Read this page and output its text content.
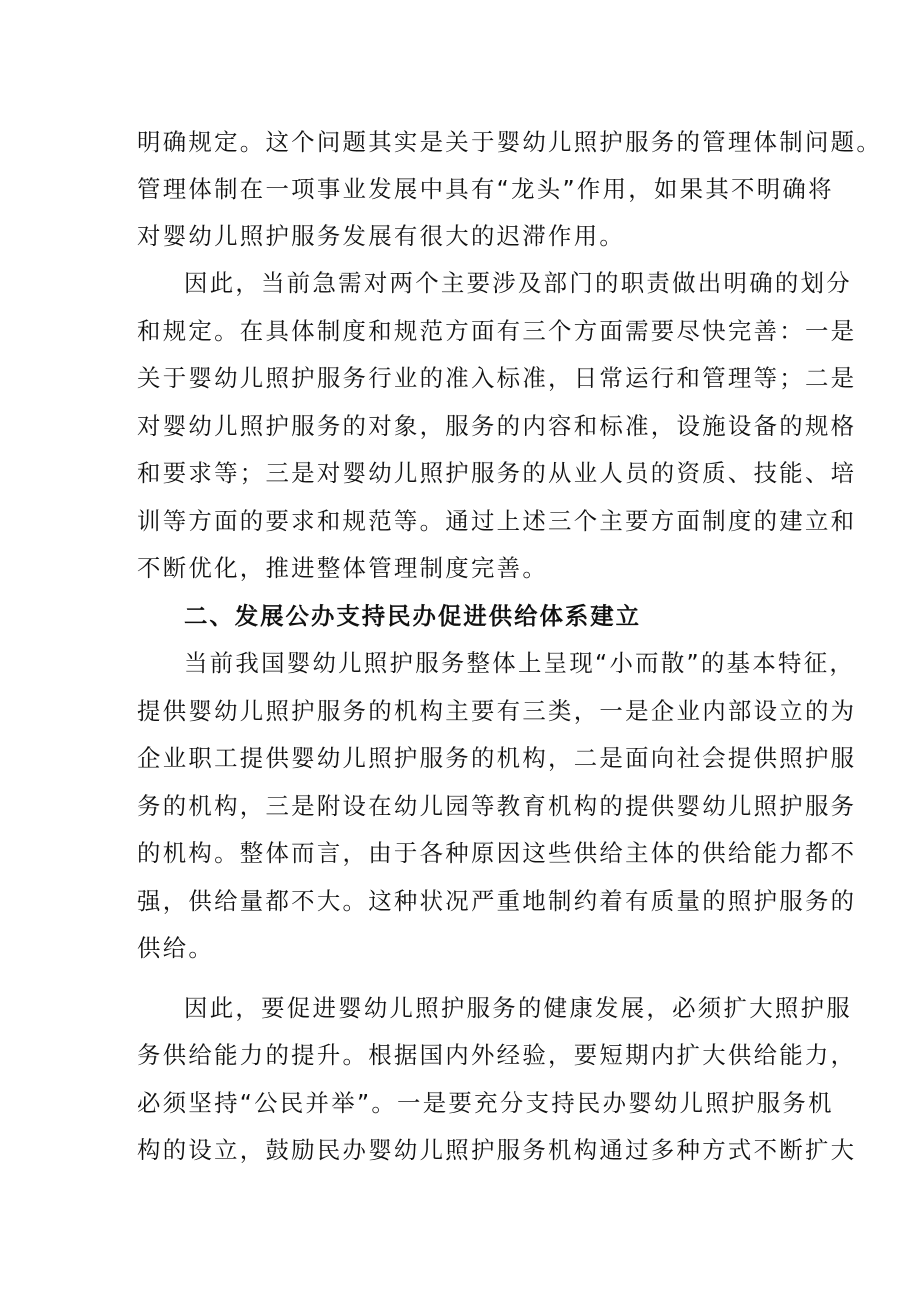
明确规定。这个问题其实是关于婴幼儿照护服务的管理体制问题。
管理体制在一项事业发展中具有“龙头”作用，如果其不明确将
对婴幼儿照护服务发展有很大的迟滞作用。
因此，当前急需对两个主要涉及部门的职责做出明确的划分
和规定。在具体制度和规范方面有三个方面需要尽快完善：一是
关于婴幼儿照护服务行业的准入标准，日常运行和管理等；二是
对婴幼儿照护服务的对象，服务的内容和标准，设施设备的规格
和要求等；三是对婴幼儿照护服务的从业人员的资质、技能、培
训等方面的要求和规范等。通过上述三个主要方面制度的建立和
不断优化，推进整体管理制度完善。
二、发展公办支持民办促进供给体系建立
当前我国婴幼儿照护服务整体上呈现“小而散”的基本特征，
提供婴幼儿照护服务的机构主要有三类，一是企业内部设立的为
企业职工提供婴幼儿照护服务的机构，二是面向社会提供照护服
务的机构，三是附设在幼儿园等教育机构的提供婴幼儿照护服务
的机构。整体而言，由于各种原因这些供给主体的供给能力都不
强，供给量都不大。这种状况严重地制约着有质量的照护服务的
供给。
因此，要促进婴幼儿照护服务的健康发展，必须扩大照护服
务供给能力的提升。根据国内外经验，要短期内扩大供给能力，
必须坚持“公民并举”。一是要充分支持民办婴幼儿照护服务机
构的设立，鼓励民办婴幼儿照护服务机构通过多种方式不断扩大
